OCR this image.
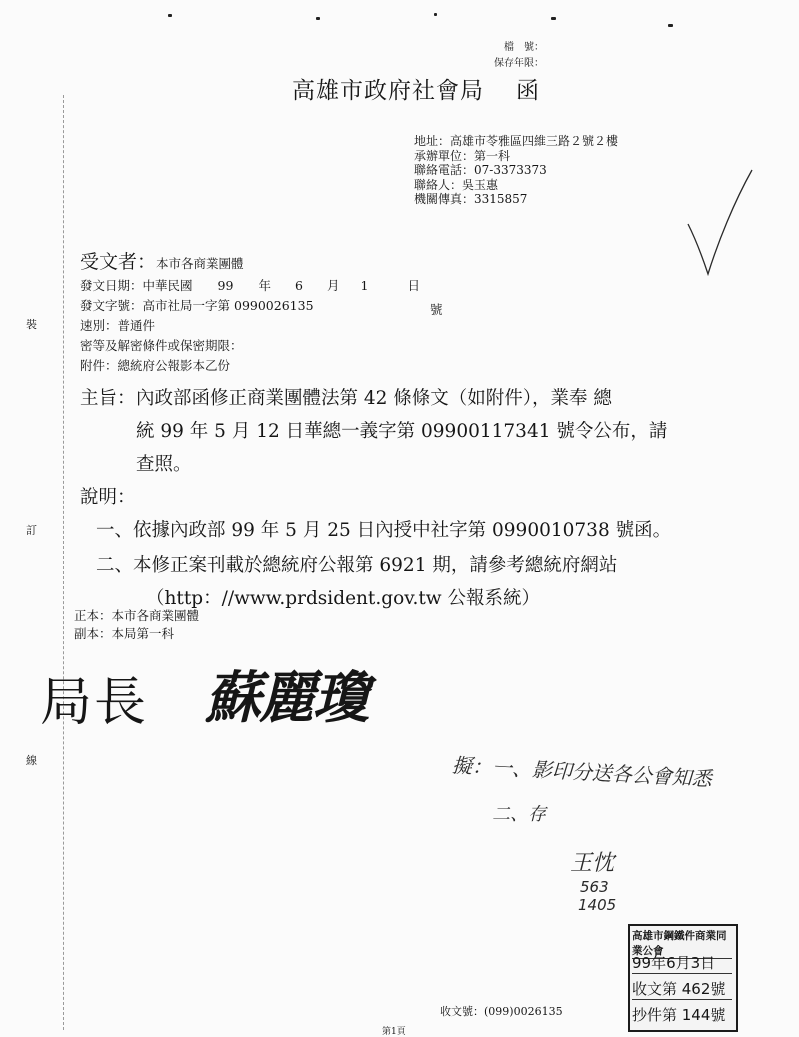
裝
訂
線
檔　號：
保存年限：
高雄市政府社會局 函
地址：高雄市苓雅區四維三路２號２樓
承辦單位：第一科
聯絡電話：07-3373373
聯絡人：吳玉惠
機關傳真：3315857
受文者：本市各商業團體
發文日期：中華民國 99 年 6 月 1	日
發文字號：高市社局一字第 0990026135	號
速別：普通件
密等及解密條件或保密期限：
附件：總統府公報影本乙份
主旨： 內政部函修正商業團體法第 42 條條文（如附件），業奉 總
統 99 年 5 月 12 日華總一義字第 09900117341 號令公布，請
查照。
說明：
一、依據內政部 99 年 5 月 25 日內授中社字第 0990010738 號函。
二、本修正案刊載於總統府公報第 6921 期，請參考總統府網站
（http：//www.prdsident.gov.tw 公報系統）
正本：本市各商業團體
副本：本局第一科
局長 蘇麗瓊
擬：一、影印分送各公會知悉
二、存
王忱
563
1405
高雄市鋼鐵件商業同業公會
99年6月3日
收文第 462號
抄件第 144號
收文號：(099)0026135
第1頁
